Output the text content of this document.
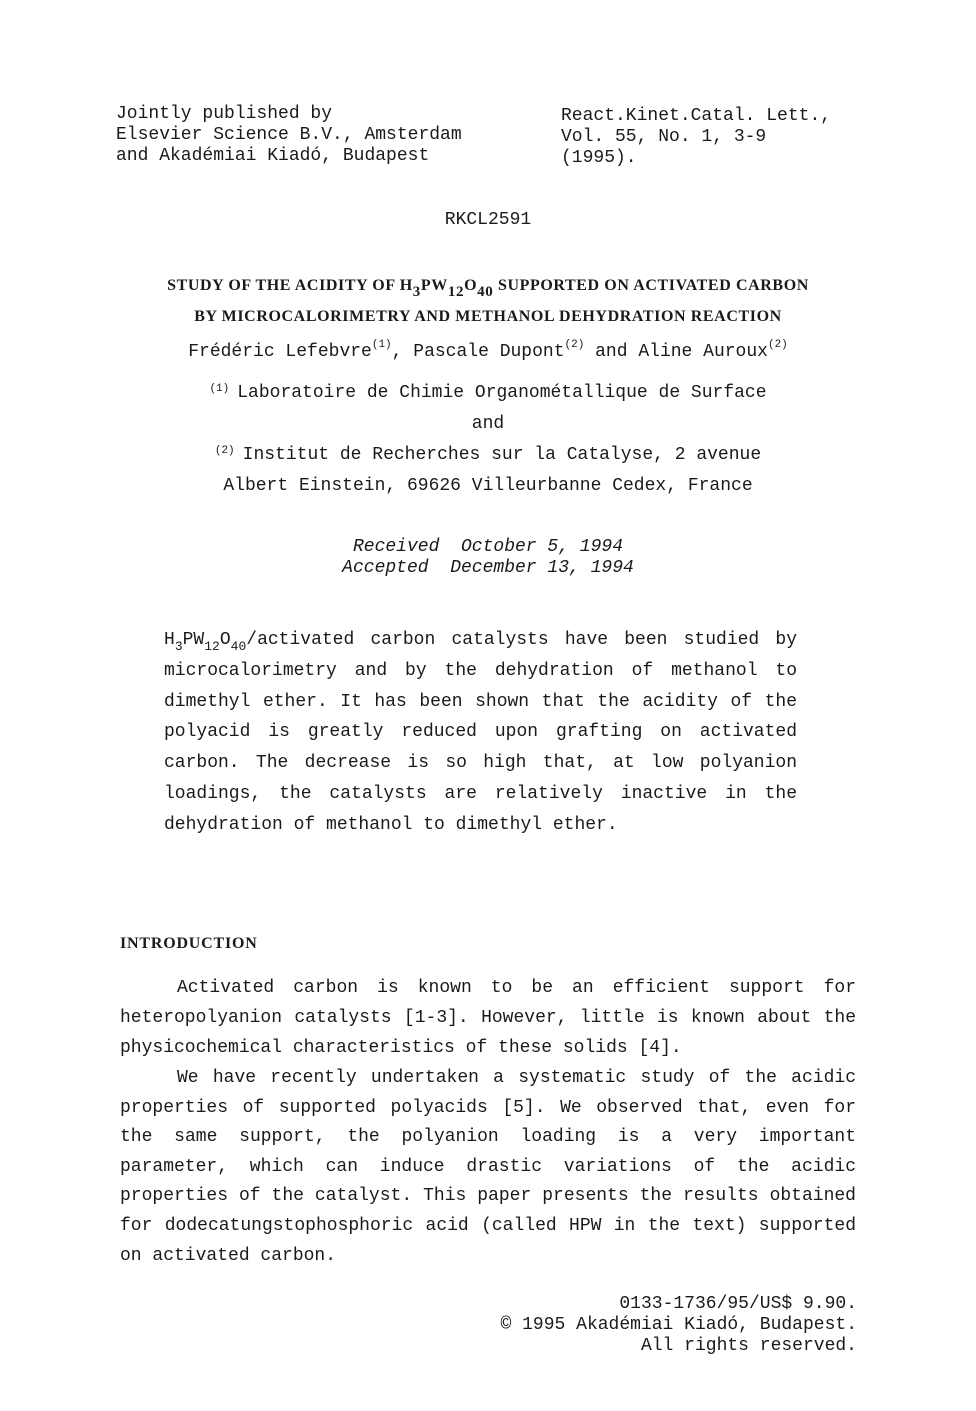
Jointly published by
Elsevier Science B.V., Amsterdam
and Akadémiai Kiadó, Budapest
React.Kinet.Catal. Lett.,
Vol. 55, No. 1, 3-9
(1995).
RKCL2591
STUDY OF THE ACIDITY OF $H_3PW_{12}O_{40}$ SUPPORTED ON ACTIVATED CARBON
BY MICROCALORIMETRY AND METHANOL DEHYDRATION REACTION
Frédéric Lefebvre$^{(1)}$, Pascale Dupont$^{(2)}$ and Aline Auroux$^{(2)}$
$^{(1)}$ Laboratoire de Chimie Organométallique de Surface
and
$^{(2)}$ Institut de Recherches sur la Catalyse, 2 avenue
Albert Einstein, 69626 Villeurbanne Cedex, France
Received  October 5, 1994
Accepted  December 13, 1994
$H_3PW_{12}O_{40}$/activated carbon catalysts have been studied by microcalorimetry and by the dehydration of methanol to dimethyl ether. It has been shown that the acidity of the polyacid is greatly reduced upon grafting on activated carbon. The decrease is so high that, at low polyanion loadings, the catalysts are relatively inactive in the dehydration of methanol to dimethyl ether.
INTRODUCTION
Activated carbon is known to be an efficient support for heteropolyanion catalysts [1-3]. However, little is known about the physicochemical characteristics of these solids [4].
We have recently undertaken a systematic study of the acidic properties of supported polyacids [5]. We observed that, even for the same support, the polyanion loading is a very important parameter, which can induce drastic variations of the acidic properties of the catalyst. This paper presents the results obtained for dodecatungstophosphoric acid (called HPW in the text) supported on activated carbon.
0133-1736/95/US$ 9.90.
© 1995 Akadémiai Kiadó, Budapest.
All rights reserved.
